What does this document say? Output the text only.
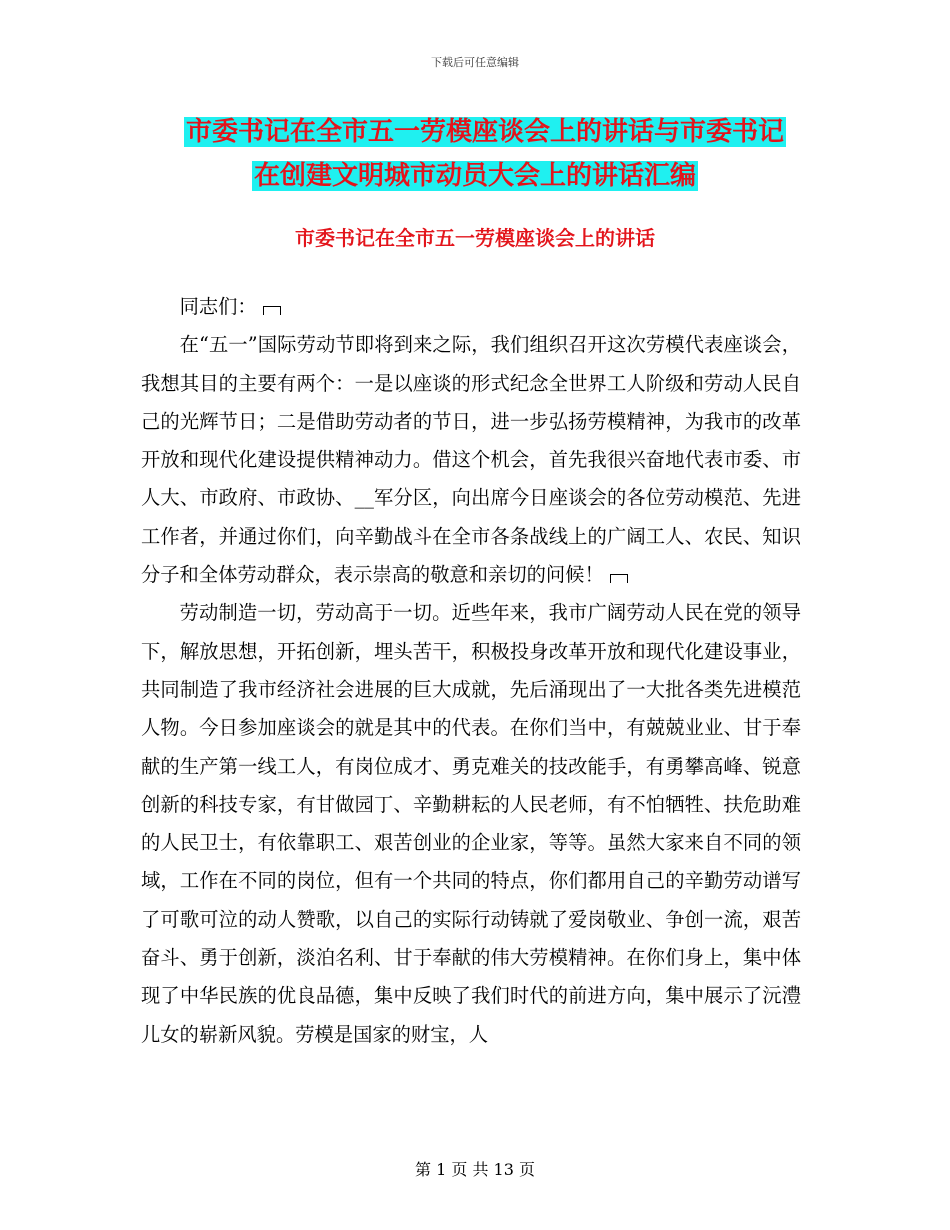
下载后可任意编辑
市委书记在全市五一劳模座谈会上的讲话与市委书记
在创建文明城市动员大会上的讲话汇编
市委书记在全市五一劳模座谈会上的讲话

同志们：

在“五一”国际劳动节即将到来之际，我们组织召开这次劳模代表座谈会，我想其目的主要有两个：一是以座谈的形式纪念全世界工人阶级和劳动人民自己的光辉节日；二是借助劳动者的节日，进一步弘扬劳模精神，为我市的改革开放和现代化建设提供精神动力。借这个机会，首先我很兴奋地代表市委、市人大、市政府、市政协、__军分区，向出席今日座谈会的各位劳动模范、先进工作者，并通过你们，向辛勤战斗在全市各条战线上的广阔工人、农民、知识分子和全体劳动群众，表示崇高的敬意和亲切的问候！

劳动制造一切，劳动高于一切。近些年来，我市广阔劳动人民在党的领导下，解放思想，开拓创新，埋头苦干，积极投身改革开放和现代化建设事业，共同制造了我市经济社会进展的巨大成就，先后涌现出了一大批各类先进模范人物。今日参加座谈会的就是其中的代表。在你们当中，有兢兢业业、甘于奉献的生产第一线工人，有岗位成才、勇克难关的技改能手，有勇攀高峰、锐意创新的科技专家，有甘做园丁、辛勤耕耘的人民老师，有不怕牺牲、扶危助难的人民卫士，有依靠职工、艰苦创业的企业家，等等。虽然大家来自不同的领域，工作在不同的岗位，但有一个共同的特点，你们都用自己的辛勤劳动谱写了可歌可泣的动人赞歌，以自己的实际行动铸就了爱岗敬业、争创一流，艰苦奋斗、勇于创新，淡泊名利、甘于奉献的伟大劳模精神。在你们身上，集中体现了中华民族的优良品德，集中反映了我们时代的前进方向，集中展示了沅澧儿女的崭新风貌。劳模是国家的财宝，人

第 1 页 共 13 页
